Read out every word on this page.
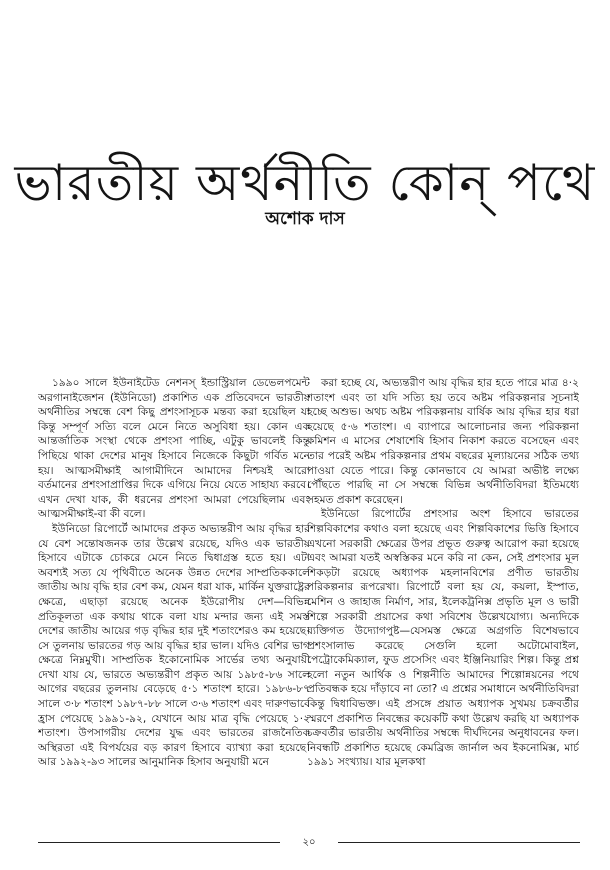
ভারতীয় অর্থনীতি কোন্ পথে
অশোক দাস

১৯৯০ সালে ইউনাইটেড নেশনস্ ইন্ডাস্ট্রিয়াল ডেভেলপমেন্ট অরগানাইজেশন (ইউনিডো) প্রকাশিত এক প্রতিবেদনে ভারতীয় অর্থনীতির সম্বন্ধে বেশ কিছু প্রশংসাসূচক মন্তব্য করা হয়েছিল যা কিন্তু সম্পূর্ণ সত্যি বলে মেনে নিতে অসুবিধা হয়। কোন এক আন্তর্জাতিক সংস্থা থেকে প্রশংসা পাচ্ছি, এটুকু ভাবলেই কিন্তু পিছিয়ে থাকা দেশের মানুষ হিসাবে নিজেকে কিছুটা গর্বিত মনে হয়। আত্মসমীক্ষাই আগামীদিনে আমাদের নিশ্চয়ই আরো বর্তমানের প্রশংসাপ্রাপ্তির দিকে এগিয়ে নিয়ে যেতে সাহায্য করবে। এখন দেখা যাক, কী ধরনের প্রশংসা আমরা পেয়েছিলাম এবং আত্মসমীক্ষাই-বা কী বলে।

ইউনিডো রিপোর্টে আমাদের প্রকৃত অভ্যন্তরীণ আয় বৃদ্ধির হার যে বেশ সন্তোষজনক তার উল্লেখ রয়েছে, যদিও এক ভারতীয় হিসাবে এটাকে চোকরে মেনে নিতে দ্বিধাগ্রস্ত হতে হয়। এটা অবশ্যই সত্য যে পৃথিবীতে অনেক উন্নত দেশের সাম্প্রতিককালে জাতীয় আয় বৃদ্ধি হার বেশ কম, যেমন ধরা যাক, মার্কিন যুক্তরাষ্ট্রের ক্ষেত্রে, এছাড়া রয়েছে অনেক ইউরোপীয় দেশ—বিভিন্ন প্রতিকূলতা এক কথায় থাকে বলা যায় মন্দার জন্য এই সমস্ত দেশের জাতীয় আয়ের গড় বৃদ্ধির হার দুই শতাংশেরও কম হয়েছে। সে তুলনায় ভারতের গড় আয় বৃদ্ধির হার ভাল। যদিও বেশির ভাগ ক্ষেত্রে নিম্নমুখী। সাম্প্রতিক ইকোনোমিক সার্ভের তথ্য অনুযায়ী দেখা যায় যে, ভারতে অভ্যন্তরীণ প্রকৃত আয় ১৯৮৫-৮৬ সালে আগের বছরের তুলনায় বেড়েছে ৫·১ শতাংশ হারে। ১৯৮৬-৮৭ সালে ৩·৮ শতাংশ ১৯৮৭-৮৮ সালে ৩·৬ শতাংশ এবং দারুণভাবে হ্রাস পেয়েছে ১৯৯১-৯২, যেখানে আয় মাত্র বৃদ্ধি পেয়েছে ১·২ শতাংশ। উপসাগরীয় দেশের যুদ্ধ এবং ভারতের রাজনৈতিক অস্থিরতা এই বিপর্যয়ের বড় কারণ হিসাবে ব্যাখ্যা করা হয়েছে। আর ১৯৯২-৯৩ সালের আনুমানিক হিসাব অনুযায়ী মনে

করা হচ্ছে যে, অভ্যন্তরীণ আয় বৃদ্ধির হার হতে পারে মাত্র ৪·২ শতাংশ এবং তা যদি সত্যি হয় তবে অষ্টম পরিকল্পনার সূচনাই হচ্ছে অশুভ। অথচ অষ্টম পরিকল্পনায় বার্ষিক আয় বৃদ্ধির হার ধরা হয়েছে ৫·৬ শতাংশ। এ ব্যাপারে আলোচনার জন্য পরিকল্পনা কমিশন এ মাসের শেষাশেষি হিসাব নিকাশ করতে বসেছেন এবং তার পরেই অষ্টম পরিকল্পনার প্রথম বছরের মূল্যায়নের সঠিক তথ্য পাওয়া যেতে পারে। কিন্তু কোনভাবে যে আমরা অভীষ্ট লক্ষ্যে পৌঁছতে পারছি না সে সম্বন্ধে বিভিন্ন অর্থনীতিবিদরা ইতিমধ্যে সহমত প্রকাশ করেছেন।

ইউনিডো রিপোর্টের প্রশংসার অংশ হিসাবে ভারতের শিল্পবিকাশের কথাও বলা হয়েছে এবং শিল্পবিকাশের ভিত্তি হিসাবে এখনো সরকারী ক্ষেত্রের উপর প্রভূত গুরুত্ব আরোপ করা হয়েছে এবং আমরা যতই অস্বস্তিকর মনে করি না কেন, সেই প্রশংসার মূল শিকড়টা রয়েছে অধ্যাপক মহলানবিশের প্রণীত ভারতীয় পরিকল্পনার রূপরেখা। রিপোর্টে বলা হয় যে, কয়লা, ইস্পাত, মেশিন ও জাহাজ নির্মাণ, সার, ইলেকট্রনিক্স প্রভৃতি মূল ও ভারী শিল্পে সরকারী প্রয়াসের কথা সবিশেষ উল্লেখযোগ্য। অন্যদিকে ব্যক্তিগত উদ্যোগপুষ্ট—যেসমস্ত ক্ষেত্রে অগ্রগতি বিশেষভাবে প্রশংসালাভ করেছে সেগুলি হলো অটোমোবাইল, পেট্রোকেমিক্যাল, ফুড প্রসেসিং এবং ইঞ্জিনিয়ারিং শিল্প। কিন্তু প্রশ্ন হলো নতুন আর্থিক ও শিল্পনীতি আমাদের শিল্পোন্নয়নের পথে প্রতিবন্ধক হয়ে দাঁড়াবে না তো? এ প্রশ্নের সমাধানে অর্থনীতিবিদরা কিন্তু দ্বিধাবিভক্ত। এই প্রসঙ্গে প্রয়াত অধ্যাপক সুখময় চক্রবর্তীর স্মরণে প্রকাশিত নিবন্ধের কয়েকটি কথা উল্লেখ করছি যা অধ্যাপক চক্রবর্তীর ভারতীয় অর্থনীতির সম্বন্ধে দীর্ঘদিনের অনুধাবনের ফল। নিবন্ধটি প্রকাশিত হয়েছে কেমব্রিজ জার্নাল অব ইকনোমিক্স, মার্চ ১৯৯১ সংখ্যায়। যার মূলকথা

২০
